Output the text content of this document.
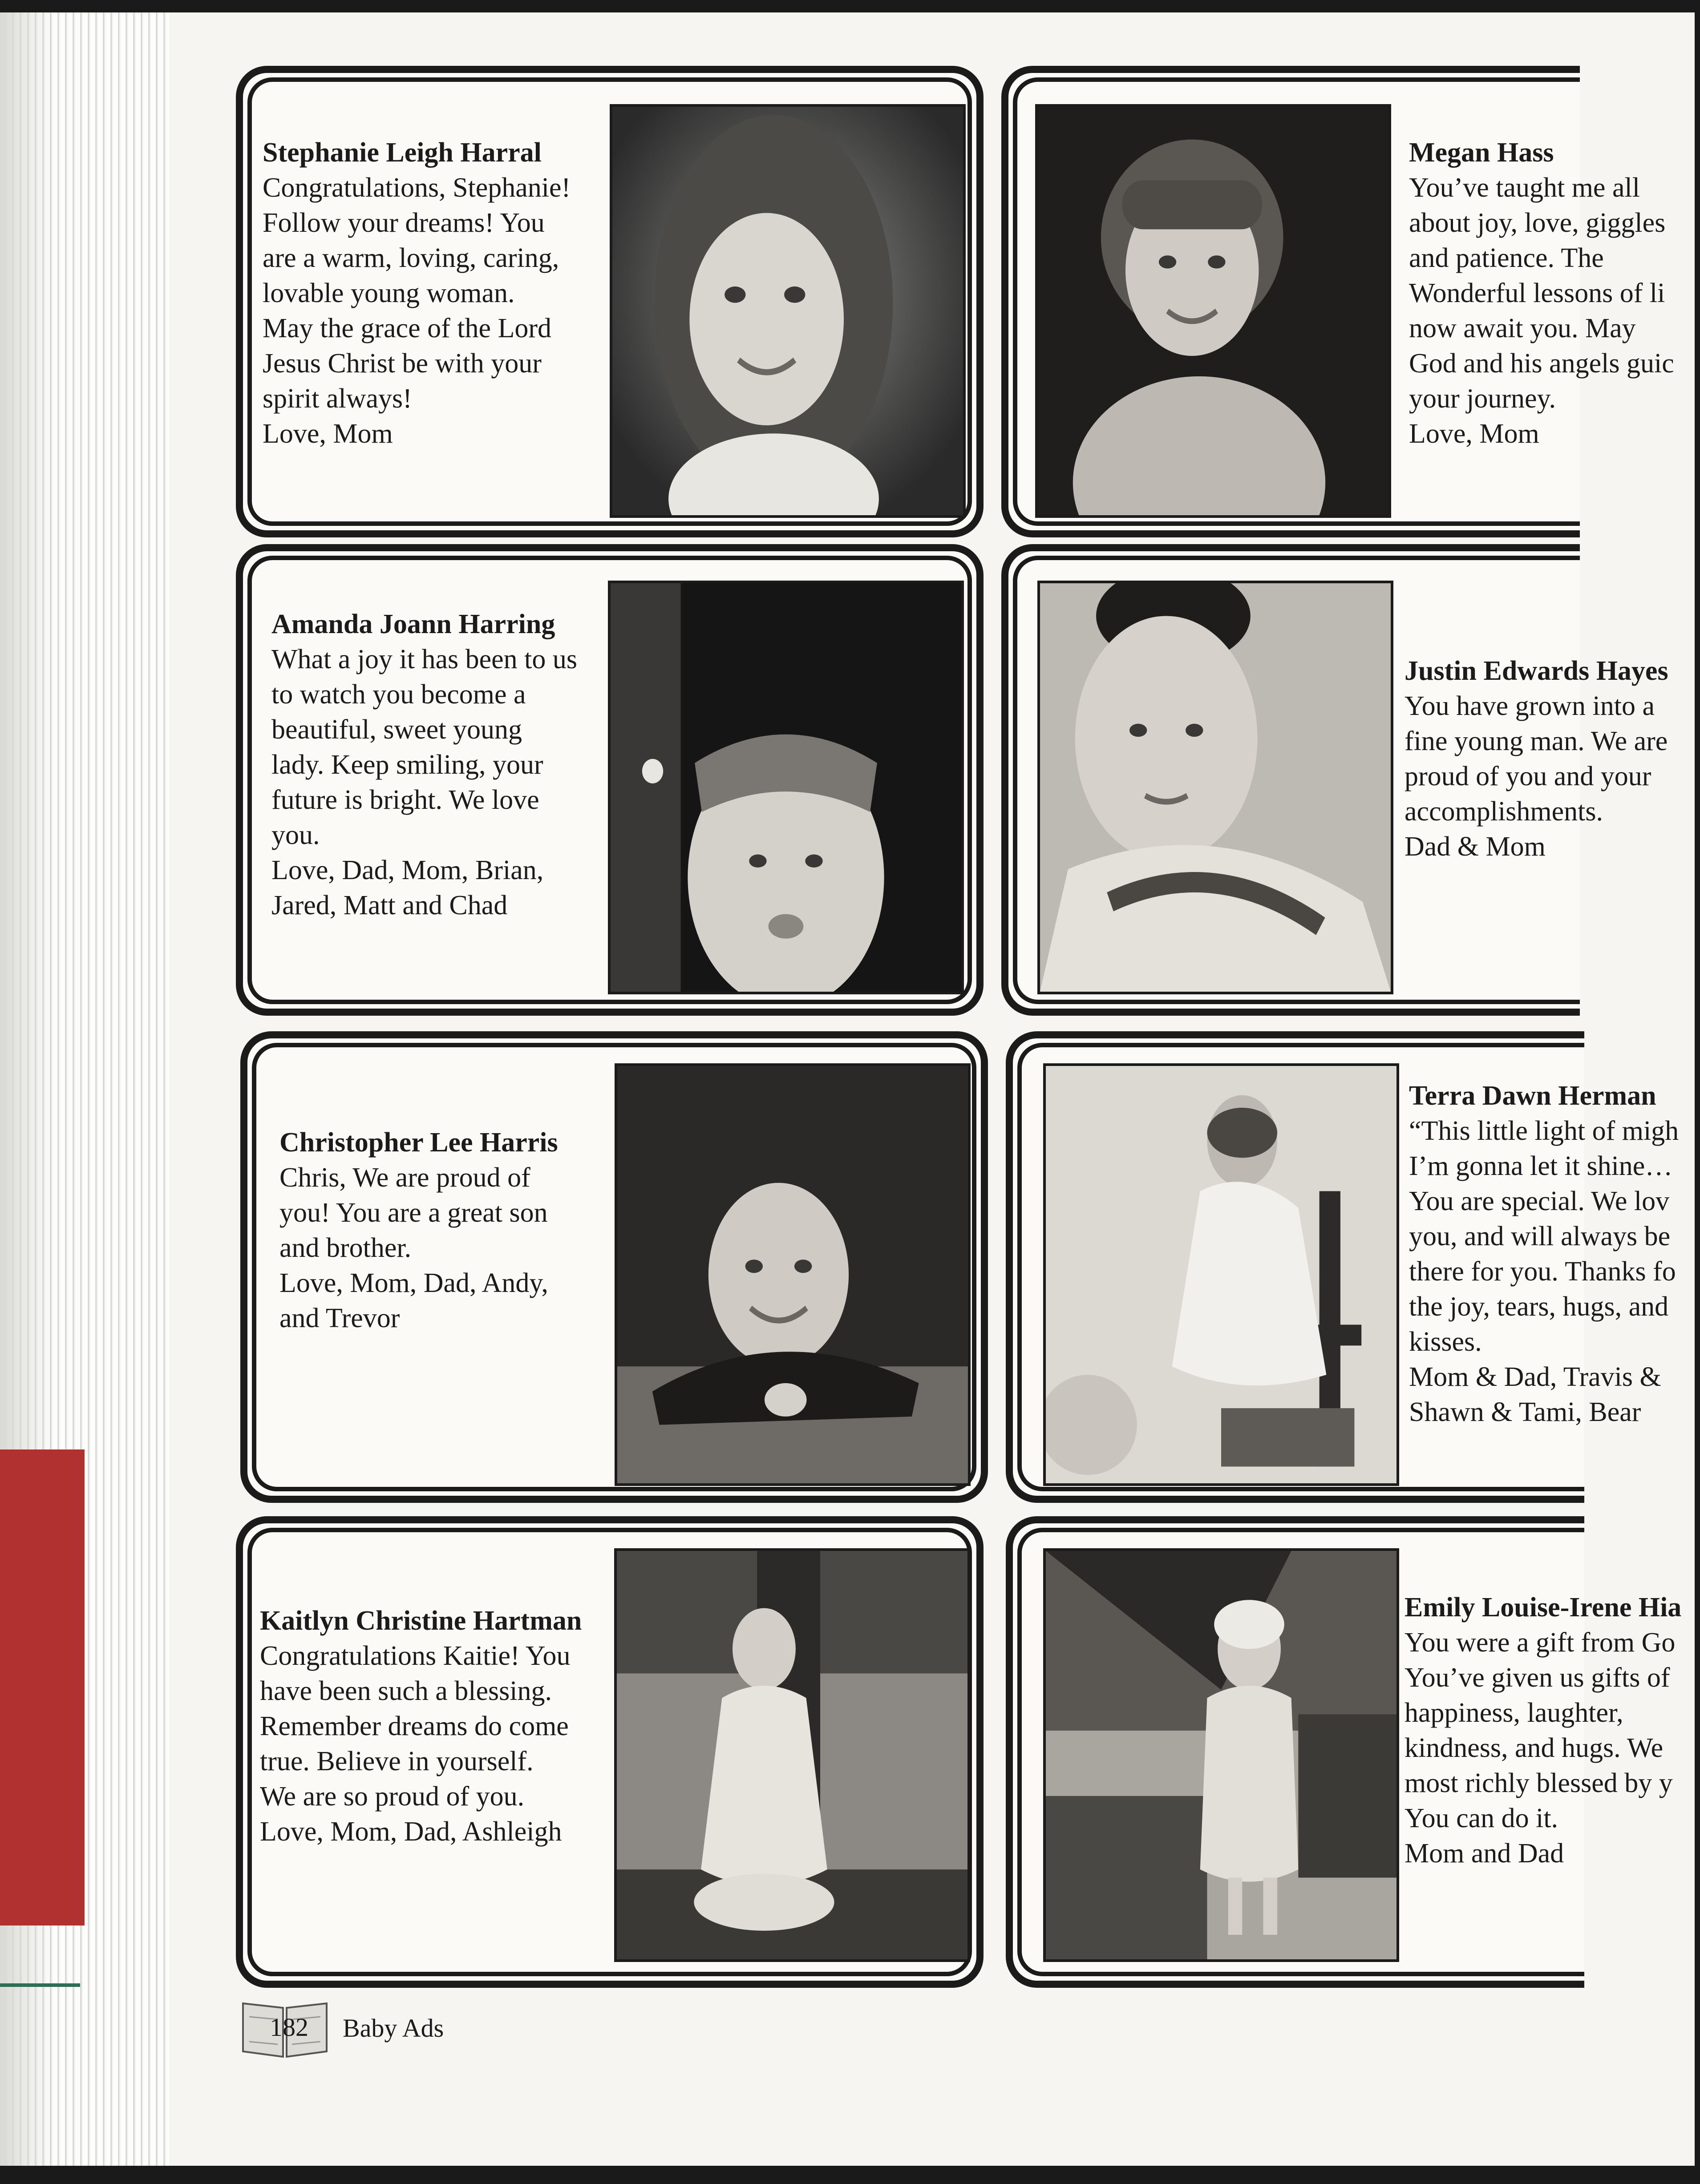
Stephanie Leigh Harral
Congratulations, Stephanie!
Follow your dreams! You
are a warm, loving, caring,
lovable young woman.
May the grace of the Lord
Jesus Christ be with your
spirit always!
Love, Mom
Megan Hass
You’ve taught me all
about joy, love, giggles
and patience. The
Wonderful lessons of li
now await you. May
God and his angels guic
your journey.
Love, Mom
Amanda Joann Harring
What a joy it has been to us
to watch you become a
beautiful, sweet young
lady. Keep smiling, your
future is bright. We love
you.
Love, Dad, Mom, Brian,
Jared, Matt and Chad
Justin Edwards Hayes
You have grown into a
fine young man. We are
proud of you and your
accomplishments.
Dad & Mom
Christopher Lee Harris
Chris, We are proud of
you! You are a great son
and brother.
Love, Mom, Dad, Andy,
and Trevor
Terra Dawn Herman
“This little light of migh
I’m gonna let it shine…
You are special. We lov
you, and will always be
there for you. Thanks fo
the joy, tears, hugs, and
kisses.
Mom & Dad, Travis &
Shawn & Tami, Bear
Kaitlyn Christine Hartman
Congratulations Kaitie! You
have been such a blessing.
Remember dreams do come
true. Believe in yourself.
We are so proud of you.
Love, Mom, Dad, Ashleigh
Emily Louise-Irene Hia
You were a gift from Go
You’ve given us gifts of
happiness, laughter,
kindness, and hugs. We
most richly blessed by y
You can do it.
Mom and Dad
182 Baby Ads
